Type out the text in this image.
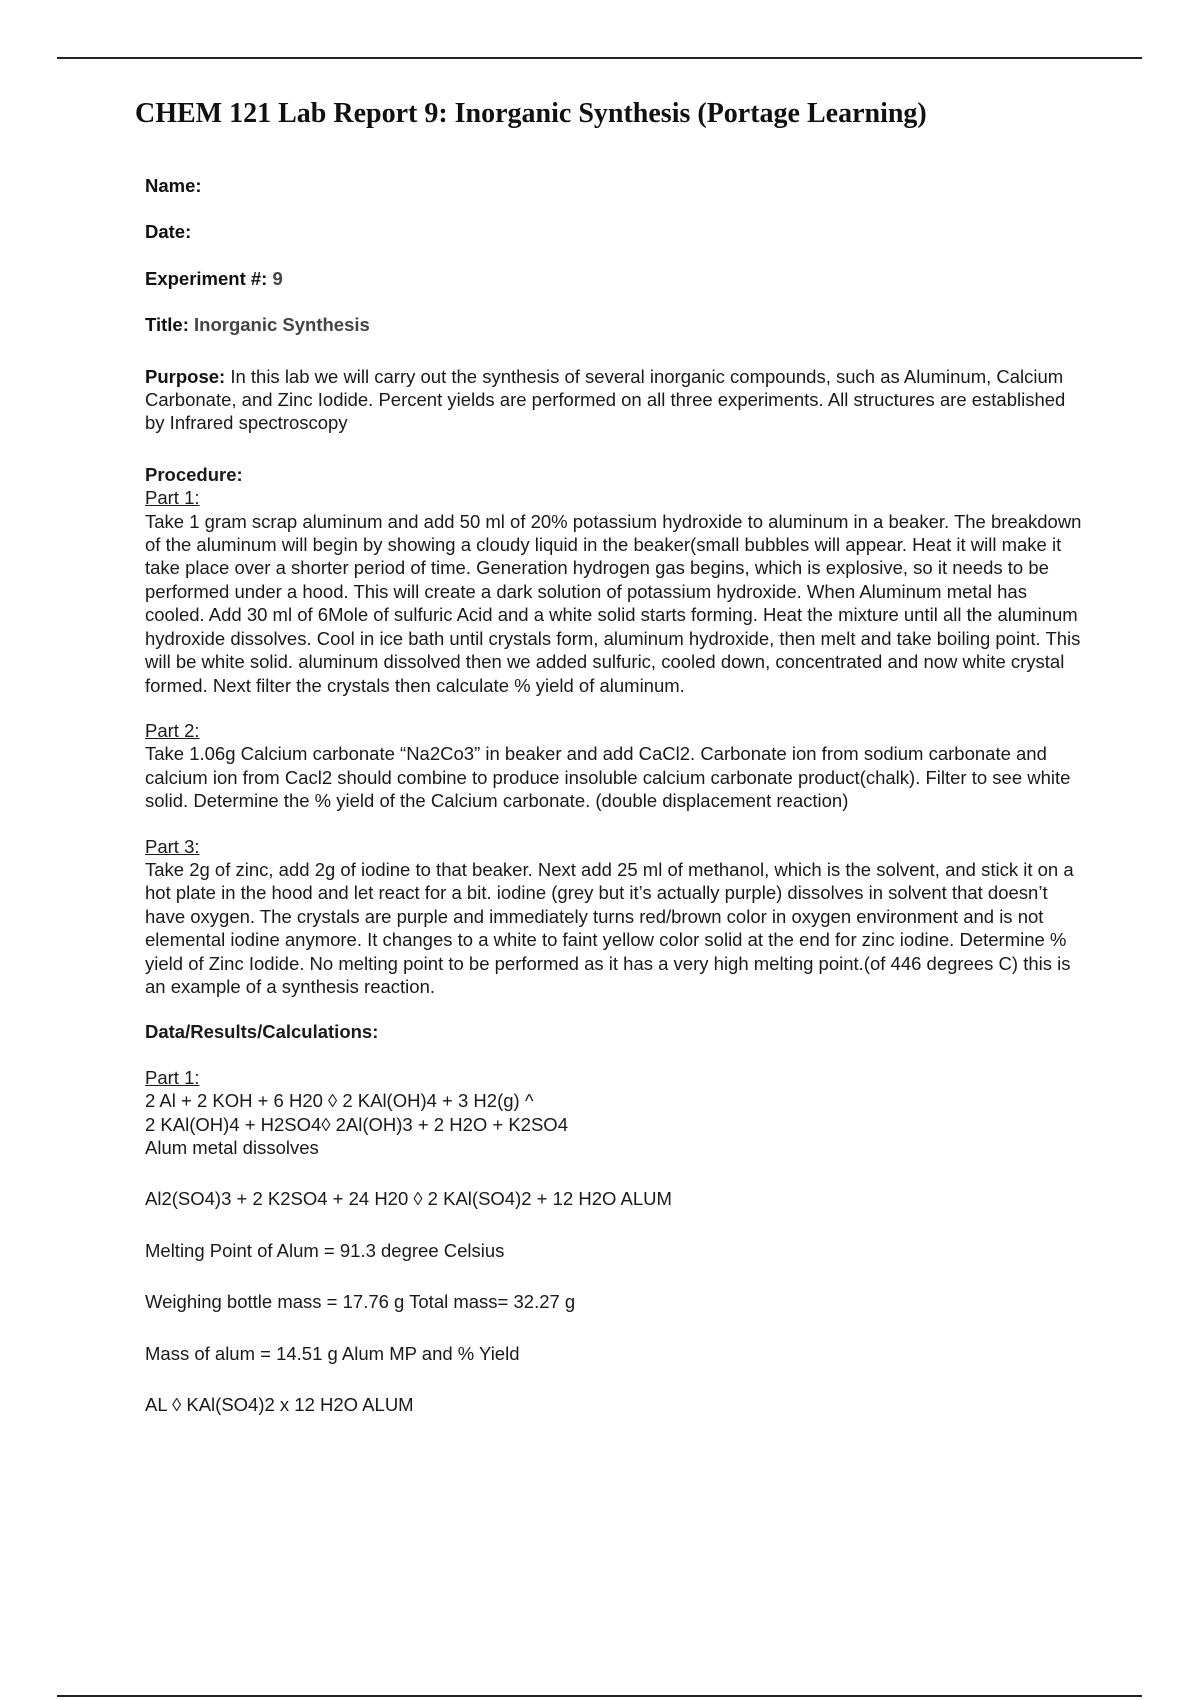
CHEM 121 Lab Report 9: Inorganic Synthesis (Portage Learning)

Name:

Date:

Experiment #: 9

Title: Inorganic Synthesis

Purpose: In this lab we will carry out the synthesis of several inorganic compounds, such as Aluminum, Calcium Carbonate, and Zinc Iodide. Percent yields are performed on all three experiments. All structures are established by Infrared spectroscopy

Procedure:

Part 1:

Take 1 gram scrap aluminum and add 50 ml of 20% potassium hydroxide to aluminum in a beaker. The breakdown of the aluminum will begin by showing a cloudy liquid in the beaker(small bubbles will appear. Heat it will make it take place over a shorter period of time. Generation hydrogen gas begins, which is explosive, so it needs to be performed under a hood. This will create a dark solution of potassium hydroxide. When Aluminum metal has cooled. Add 30 ml of 6Mole of sulfuric Acid and a white solid starts forming. Heat the mixture until all the aluminum hydroxide dissolves. Cool in ice bath until crystals form, aluminum hydroxide, then melt and take boiling point. This will be white solid. aluminum dissolved then we added sulfuric, cooled down, concentrated and now white crystal formed. Next filter the crystals then calculate % yield of aluminum.

Part 2:

Take 1.06g Calcium carbonate “Na2Co3” in beaker and add CaCl2. Carbonate ion from sodium carbonate and calcium ion from Cacl2 should combine to produce insoluble calcium carbonate product(chalk). Filter to see white solid. Determine the % yield of the Calcium carbonate. (double displacement reaction)

Part 3:

Take 2g of zinc, add 2g of iodine to that beaker. Next add 25 ml of methanol, which is the solvent, and stick it on a hot plate in the hood and let react for a bit. iodine (grey but it’s actually purple) dissolves in solvent that doesn’t have oxygen. The crystals are purple and immediately turns red/brown color in oxygen environment and is not elemental iodine anymore. It changes to a white to faint yellow color solid at the end for zinc iodine. Determine % yield of Zinc Iodide. No melting point to be performed as it has a very high melting point.(of 446 degrees C) this is an example of a synthesis reaction.

Data/Results/Calculations:

Part 1:

2 Al + 2 KOH + 6 H20 ◊ 2 KAl(OH)4 + 3 H2(g) ^

2 KAl(OH)4 + H2SO4◊ 2Al(OH)3 + 2 H2O + K2SO4

Alum metal dissolves

Al2(SO4)3 + 2 K2SO4 + 24 H20 ◊ 2 KAl(SO4)2 + 12 H2O ALUM

Melting Point of Alum = 91.3 degree Celsius

Weighing bottle mass = 17.76 g Total mass= 32.27 g

Mass of alum = 14.51 g Alum MP and % Yield

AL ◊ KAl(SO4)2 x 12 H2O ALUM
